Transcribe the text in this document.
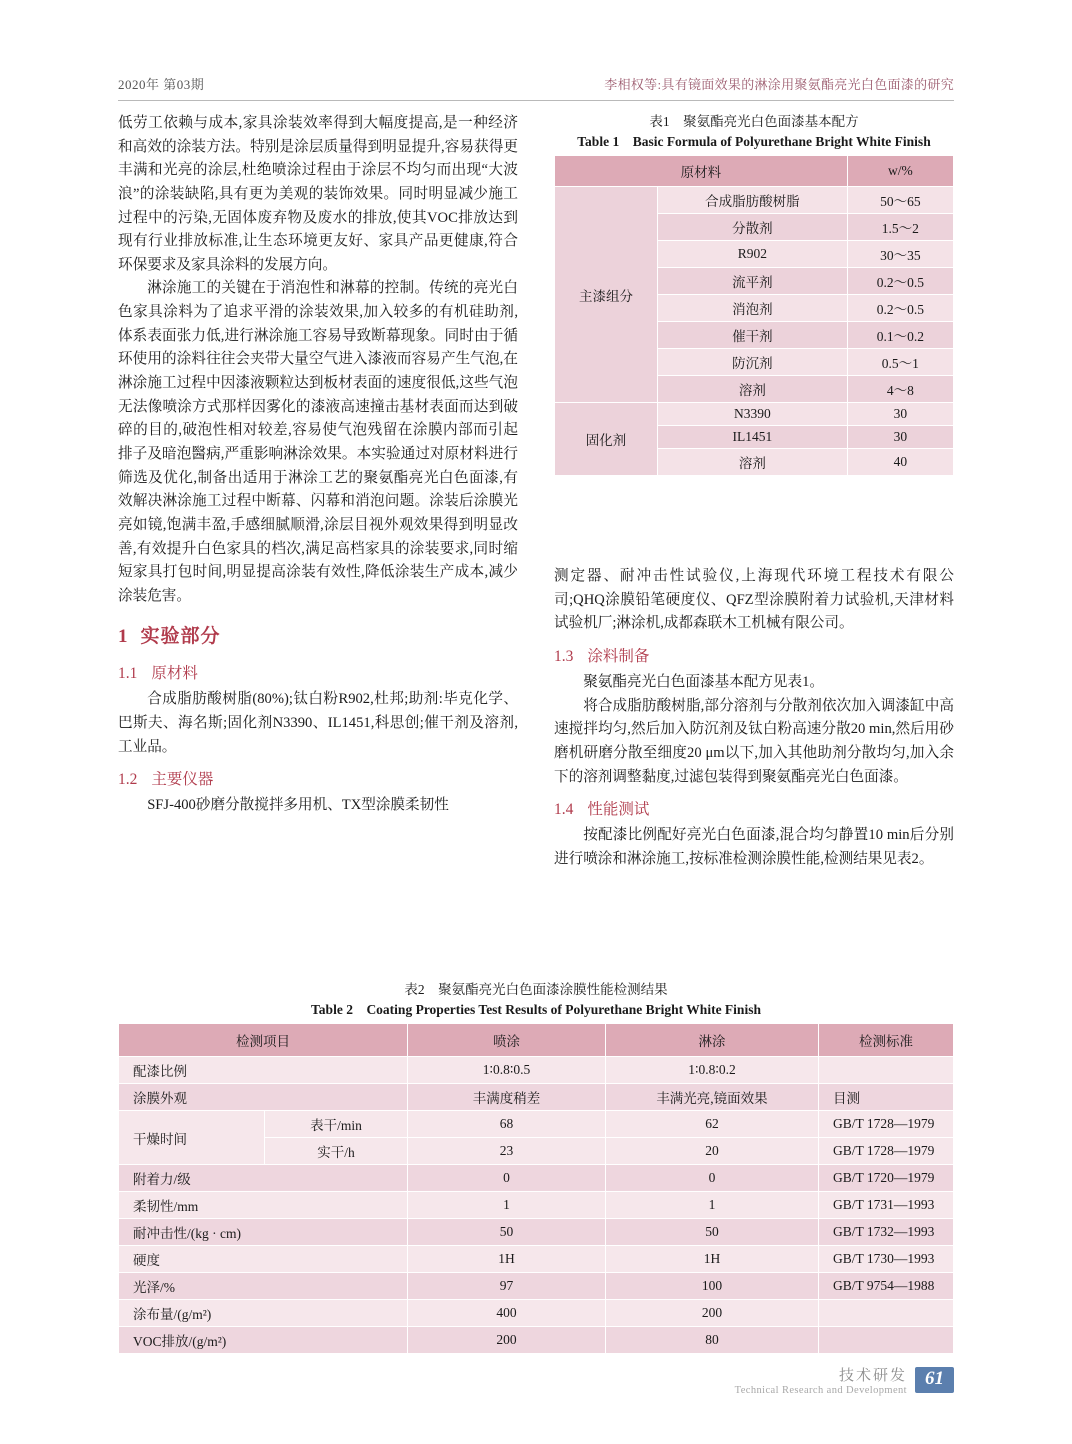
2020年 第03期	李相权等:具有镜面效果的淋涂用聚氨酯亮光白色面漆的研究

低劳工依赖与成本,家具涂装效率得到大幅度提高,是一种经济和高效的涂装方法。特别是涂层质量得到明显提升,容易获得更丰满和光亮的涂层,杜绝喷涂过程由于涂层不均匀而出现“大波浪”的涂装缺陷,具有更为美观的装饰效果。同时明显减少施工过程中的污染,无固体废弃物及废水的排放,使其VOC排放达到现有行业排放标准,让生态环境更友好、家具产品更健康,符合环保要求及家具涂料的发展方向。

淋涂施工的关键在于消泡性和淋幕的控制。传统的亮光白色家具涂料为了追求平滑的涂装效果,加入较多的有机硅助剂,体系表面张力低,进行淋涂施工容易导致断幕现象。同时由于循环使用的涂料往往会夹带大量空气进入漆液而容易产生气泡,在淋涂施工过程中因漆液颗粒达到板材表面的速度很低,这些气泡无法像喷涂方式那样因雾化的漆液高速撞击基材表面而达到破碎的目的,破泡性相对较差,容易使气泡残留在涂膜内部而引起排子及暗泡醫病,严重影响淋涂效果。本实验通过对原材料进行筛选及优化,制备出适用于淋涂工艺的聚氨酯亮光白色面漆,有效解决淋涂施工过程中断幕、闪幕和消泡问题。涂装后涂膜光亮如镜,饱满丰盈,手感细腻顺滑,涂层目视外观效果得到明显改善,有效提升白色家具的档次,满足高档家具的涂装要求,同时缩短家具打包时间,明显提高涂装有效性,降低涂装生产成本,减少涂装危害。

1 实验部分
1.1 原材料

合成脂肪酸树脂(80%);钛白粉R902,杜邦;助剂:毕克化学、巴斯夫、海名斯;固化剂N3390、IL1451,科思创;催干剂及溶剂,工业品。

1.2 主要仪器

SFJ-400砂磨分散搅拌多用机、TX型涂膜柔韧性

表1　聚氨酯亮光白色面漆基本配方
Table 1　Basic Formula of Polyurethane Bright White Finish
原材料		w/%
主漆组分	合成脂肪酸树脂	50～65
	分散剂	1.5～2
	R902	30～35
	流平剂	0.2～0.5
	消泡剂	0.2～0.5
	催干剂	0.1～0.2
	防沉剂	0.5～1
	溶剂	4～8
固化剂	N3390	30
	IL1451	30
	溶剂	40

测定器、耐冲击性试验仪,上海现代环境工程技术有限公司;QHQ涂膜铅笔硬度仪、QFZ型涂膜附着力试验机,天津材料试验机厂;淋涂机,成都森联木工机械有限公司。

1.3 涂料制备

聚氨酯亮光白色面漆基本配方见表1。

将合成脂肪酸树脂,部分溶剂与分散剂依次加入调漆缸中高速搅拌均匀,然后加入防沉剂及钛白粉高速分散20 min,然后用砂磨机研磨分散至细度20 μm以下,加入其他助剂分散均匀,加入余下的溶剂调整黏度,过滤包装得到聚氨酯亮光白色面漆。

1.4 性能测试

按配漆比例配好亮光白色面漆,混合均匀静置10 min后分别进行喷涂和淋涂施工,按标准检测涂膜性能,检测结果见表2。

表2　聚氨酯亮光白色面漆涂膜性能检测结果
Table 2　Coating Properties Test Results of Polyurethane Bright White Finish
检测项目		喷涂	淋涂	检测标准
配漆比例		1∶0.8∶0.5	1∶0.8∶0.2	
涂膜外观		丰满度稍差	丰满光亮,镜面效果	目测
干燥时间	表干/min	68	62	GB/T 1728—1979
	实干/h	23	20	GB/T 1728—1979
附着力/级		0	0	GB/T 1720—1979
柔韧性/mm		1	1	GB/T 1731—1993
耐冲击性/(kg · cm)		50	50	GB/T 1732—1993
硬度		1H	1H	GB/T 1730—1993
光泽/%		97	100	GB/T 9754—1988
涂布量/(g/m²)		400	200	
VOC排放/(g/m²)		200	80	
技术研发
Technical Research and Development
61
